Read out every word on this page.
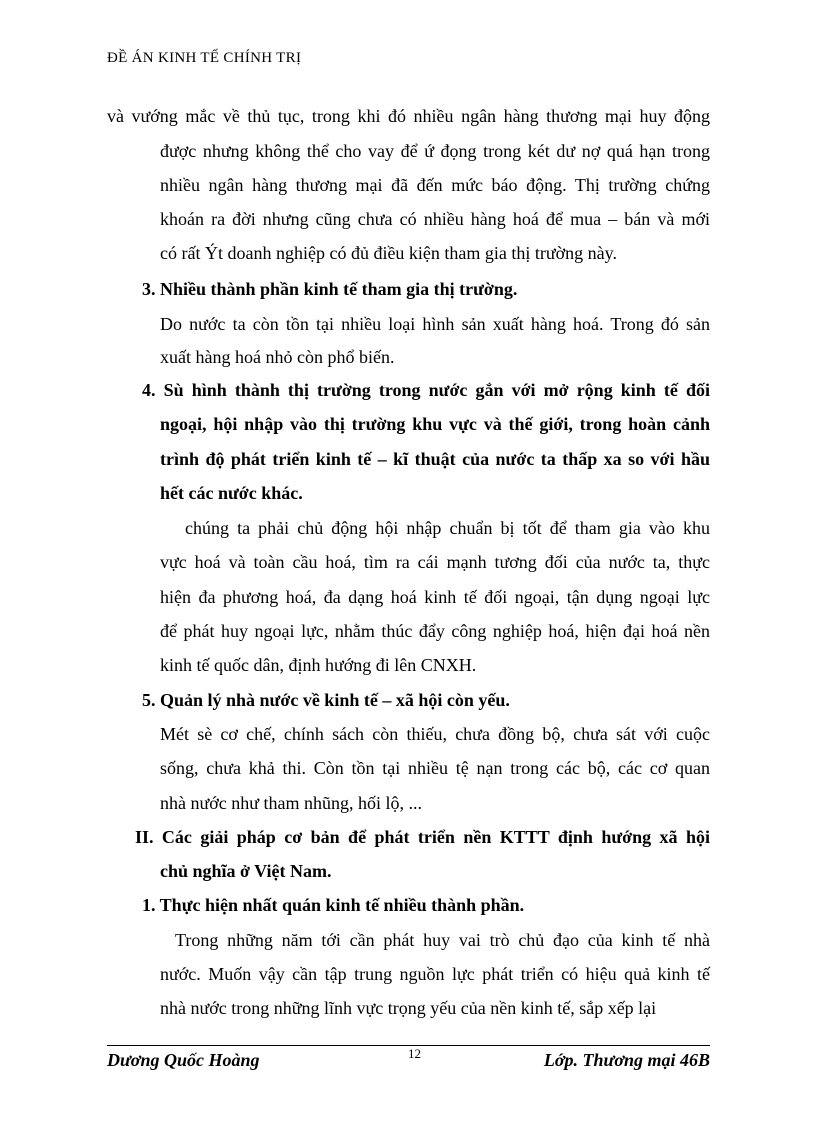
ĐỀ ÁN KINH TẾ CHÍNH TRỊ
và vướng mắc về thủ tục, trong khi đó nhiều ngân hàng thương mại huy động
được nhưng không thể cho vay để ứ đọng trong két dư nợ quá hạn trong
nhiều ngân hàng thương mại đã đến mức báo động. Thị trường chứng
khoán ra đời nhưng cũng chưa có nhiều hàng hoá để mua – bán và mới
có rất Ýt doanh nghiệp có đủ điều kiện tham gia thị trường này.
3. Nhiều thành phần kinh tế tham gia thị trường.
Do nước ta còn tồn tại nhiều loại hình sản xuất hàng hoá. Trong đó sản
xuất hàng hoá nhỏ còn phổ biến.
4. Sù hình thành thị trường trong nước gắn với mở rộng kinh tế đối
ngoại, hội nhập vào thị trường khu vực và thế giới, trong hoàn cảnh
trình độ phát triển kinh tế – kĩ thuật của nước ta thấp xa so với hầu
hết các nước khác.
chúng ta phải chủ động hội nhập chuẩn bị tốt để tham gia vào khu
vực hoá và toàn cầu hoá, tìm ra cái mạnh tương đối của nước ta, thực
hiện đa phương hoá, đa dạng hoá kinh tế đối ngoại, tận dụng ngoại lực
để phát huy ngoại lực, nhằm thúc đẩy công nghiệp hoá, hiện đại hoá nền
kinh tế quốc dân, định hướng đi lên CNXH.
5. Quản lý nhà nước về kinh tế – xã hội còn yếu.
Mét sè cơ chế, chính sách còn thiếu, chưa đồng bộ, chưa sát với cuộc
sống, chưa khả thi. Còn tồn tại nhiều tệ nạn trong các bộ, các cơ quan
nhà nước như tham nhũng, hối lộ, ...
II. Các giải pháp cơ bản để phát triển nền KTTT định hướng xã hội
chủ nghĩa ở Việt Nam.
1. Thực hiện nhất quán kinh tế nhiều thành phần.
Trong những năm tới cần phát huy vai trò chủ đạo của kinh tế nhà
nước. Muốn vậy cần tập trung nguồn lực phát triển có hiệu quả kinh tế
nhà nước trong những lĩnh vực trọng yếu của nền kinh tế, sắp xếp lại
Dương Quốc Hoàng	12	Lớp. Thương mại 46B
